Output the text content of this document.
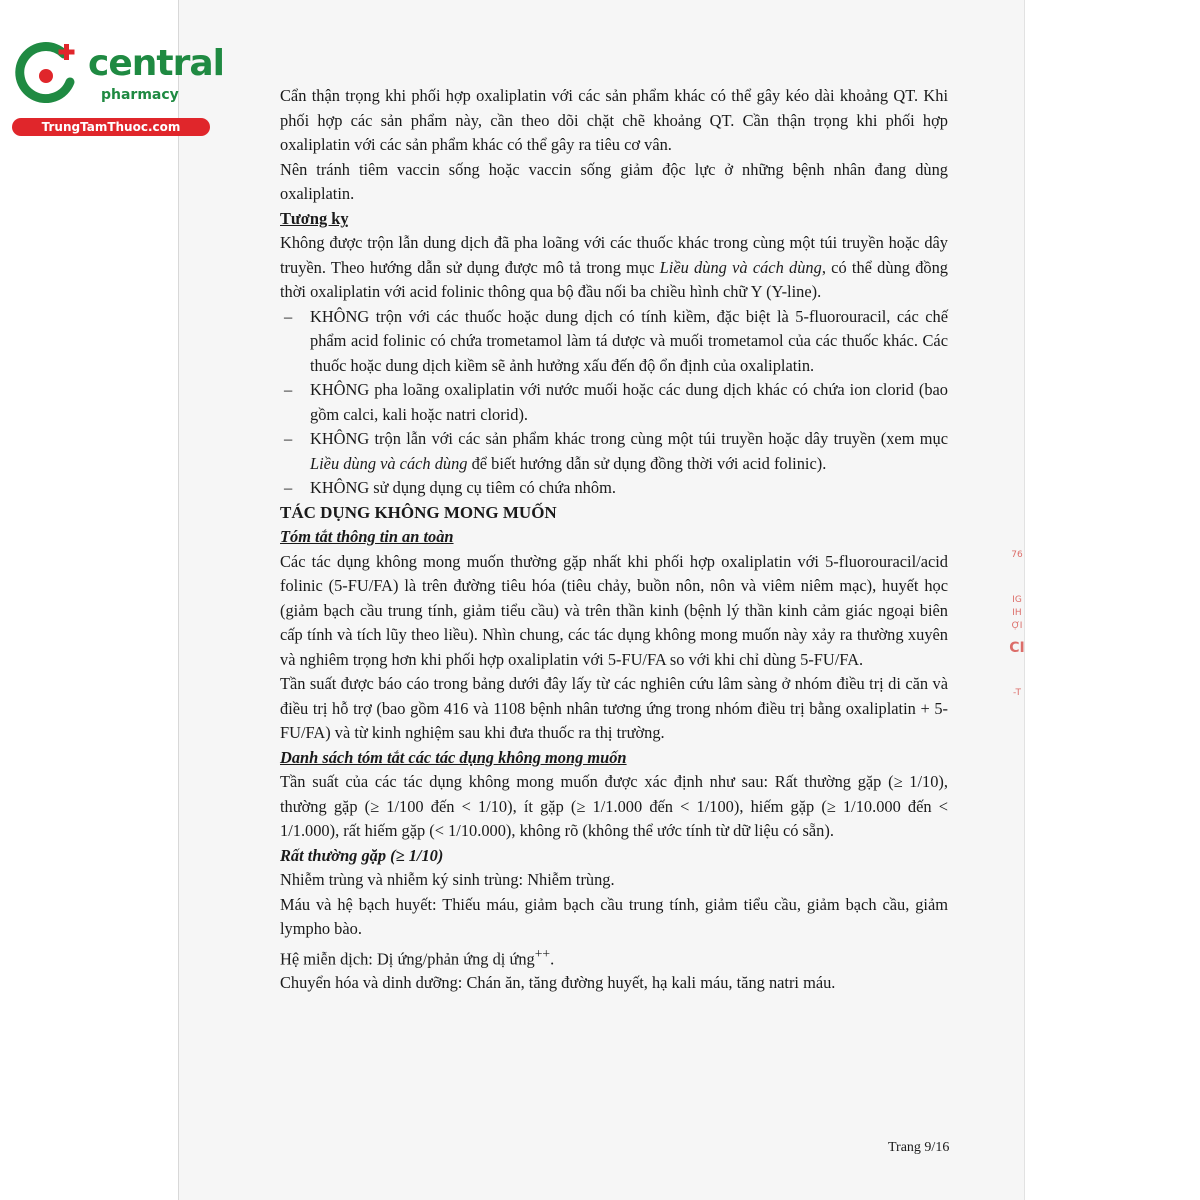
central
pharmacy
TrungTamThuoc.com

Cẩn thận trọng khi phối hợp oxaliplatin với các sản phẩm khác có thể gây kéo dài khoảng QT. Khi phối hợp các sản phẩm này, cần theo dõi chặt chẽ khoảng QT. Cần thận trọng khi phối hợp oxaliplatin với các sản phẩm khác có thể gây ra tiêu cơ vân.

Nên tránh tiêm vaccin sống hoặc vaccin sống giảm độc lực ở những bệnh nhân đang dùng oxaliplatin.

Tương kỵ

Không được trộn lẫn dung dịch đã pha loãng với các thuốc khác trong cùng một túi truyền hoặc dây truyền. Theo hướng dẫn sử dụng được mô tả trong mục Liều dùng và cách dùng, có thể dùng đồng thời oxaliplatin với acid folinic thông qua bộ đầu nối ba chiều hình chữ Y (Y-line).

– KHÔNG trộn với các thuốc hoặc dung dịch có tính kiềm, đặc biệt là 5-fluorouracil, các chế phẩm acid folinic có chứa trometamol làm tá dược và muối trometamol của các thuốc khác. Các thuốc hoặc dung dịch kiềm sẽ ảnh hưởng xấu đến độ ổn định của oxaliplatin.
– KHÔNG pha loãng oxaliplatin với nước muối hoặc các dung dịch khác có chứa ion clorid (bao gồm calci, kali hoặc natri clorid).
– KHÔNG trộn lẫn với các sản phẩm khác trong cùng một túi truyền hoặc dây truyền (xem mục Liều dùng và cách dùng để biết hướng dẫn sử dụng đồng thời với acid folinic).
– KHÔNG sử dụng dụng cụ tiêm có chứa nhôm.

TÁC DỤNG KHÔNG MONG MUỐN

Tóm tắt thông tin an toàn

Các tác dụng không mong muốn thường gặp nhất khi phối hợp oxaliplatin với 5-fluorouracil/acid folinic (5-FU/FA) là trên đường tiêu hóa (tiêu chảy, buồn nôn, nôn và viêm niêm mạc), huyết học (giảm bạch cầu trung tính, giảm tiểu cầu) và trên thần kinh (bệnh lý thần kinh cảm giác ngoại biên cấp tính và tích lũy theo liều). Nhìn chung, các tác dụng không mong muốn này xảy ra thường xuyên và nghiêm trọng hơn khi phối hợp oxaliplatin với 5-FU/FA so với khi chỉ dùng 5-FU/FA.

Tần suất được báo cáo trong bảng dưới đây lấy từ các nghiên cứu lâm sàng ở nhóm điều trị di căn và điều trị hỗ trợ (bao gồm 416 và 1108 bệnh nhân tương ứng trong nhóm điều trị bằng oxaliplatin + 5-FU/FA) và từ kinh nghiệm sau khi đưa thuốc ra thị trường.

Danh sách tóm tắt các tác dụng không mong muốn

Tần suất của các tác dụng không mong muốn được xác định như sau: Rất thường gặp (≥ 1/10), thường gặp (≥ 1/100 đến < 1/10), ít gặp (≥ 1/1.000 đến < 1/100), hiếm gặp (≥ 1/10.000 đến < 1/1.000), rất hiếm gặp (< 1/10.000), không rõ (không thể ước tính từ dữ liệu có sẵn).

Rất thường gặp (≥ 1/10)

Nhiễm trùng và nhiễm ký sinh trùng: Nhiễm trùng.

Máu và hệ bạch huyết: Thiếu máu, giảm bạch cầu trung tính, giảm tiểu cầu, giảm bạch cầu, giảm lympho bào.

Hệ miễn dịch: Dị ứng/phản ứng dị ứng++.

Chuyển hóa và dinh dưỡng: Chán ăn, tăng đường huyết, hạ kali máu, tăng natri máu.

Trang 9/16
76
IG
IH
ỢI
CI
-T
